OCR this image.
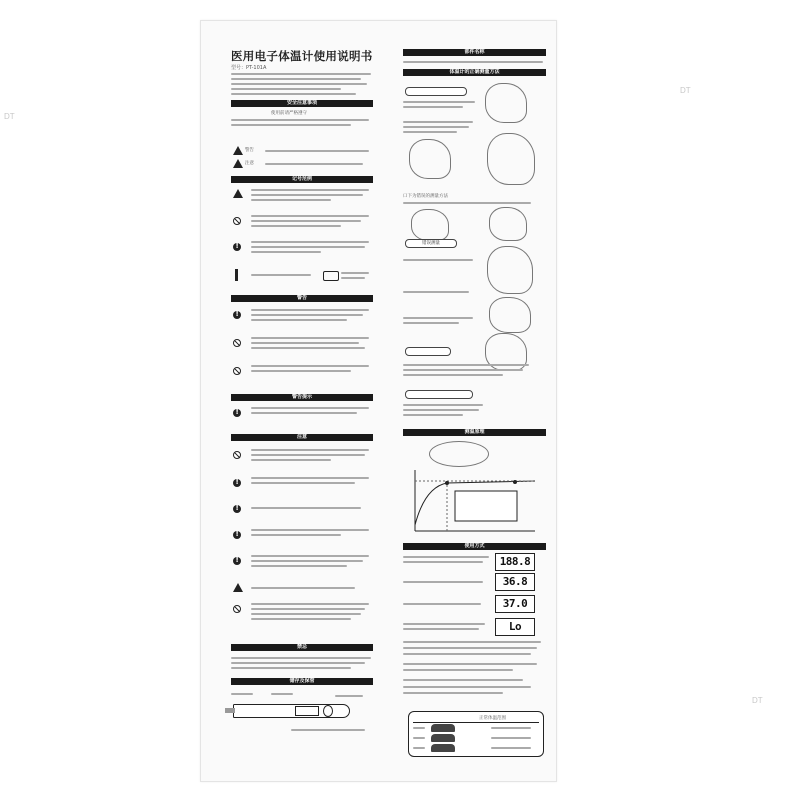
DT
DT
DT
医用电子体温计使用说明书
型号：PT-101A
安全注意事项
使用前请严格遵守
警告
注意
记号范例
!
警告
!
警告提示
!
注意
!
!
!
!
禁忌
储存及保管
部件名称
体温计的正确测量方法
口下为错误的测量方法
错误测量
测温原理
使用方式
188.8
36.8
37.0
Lo
正常体温范围
